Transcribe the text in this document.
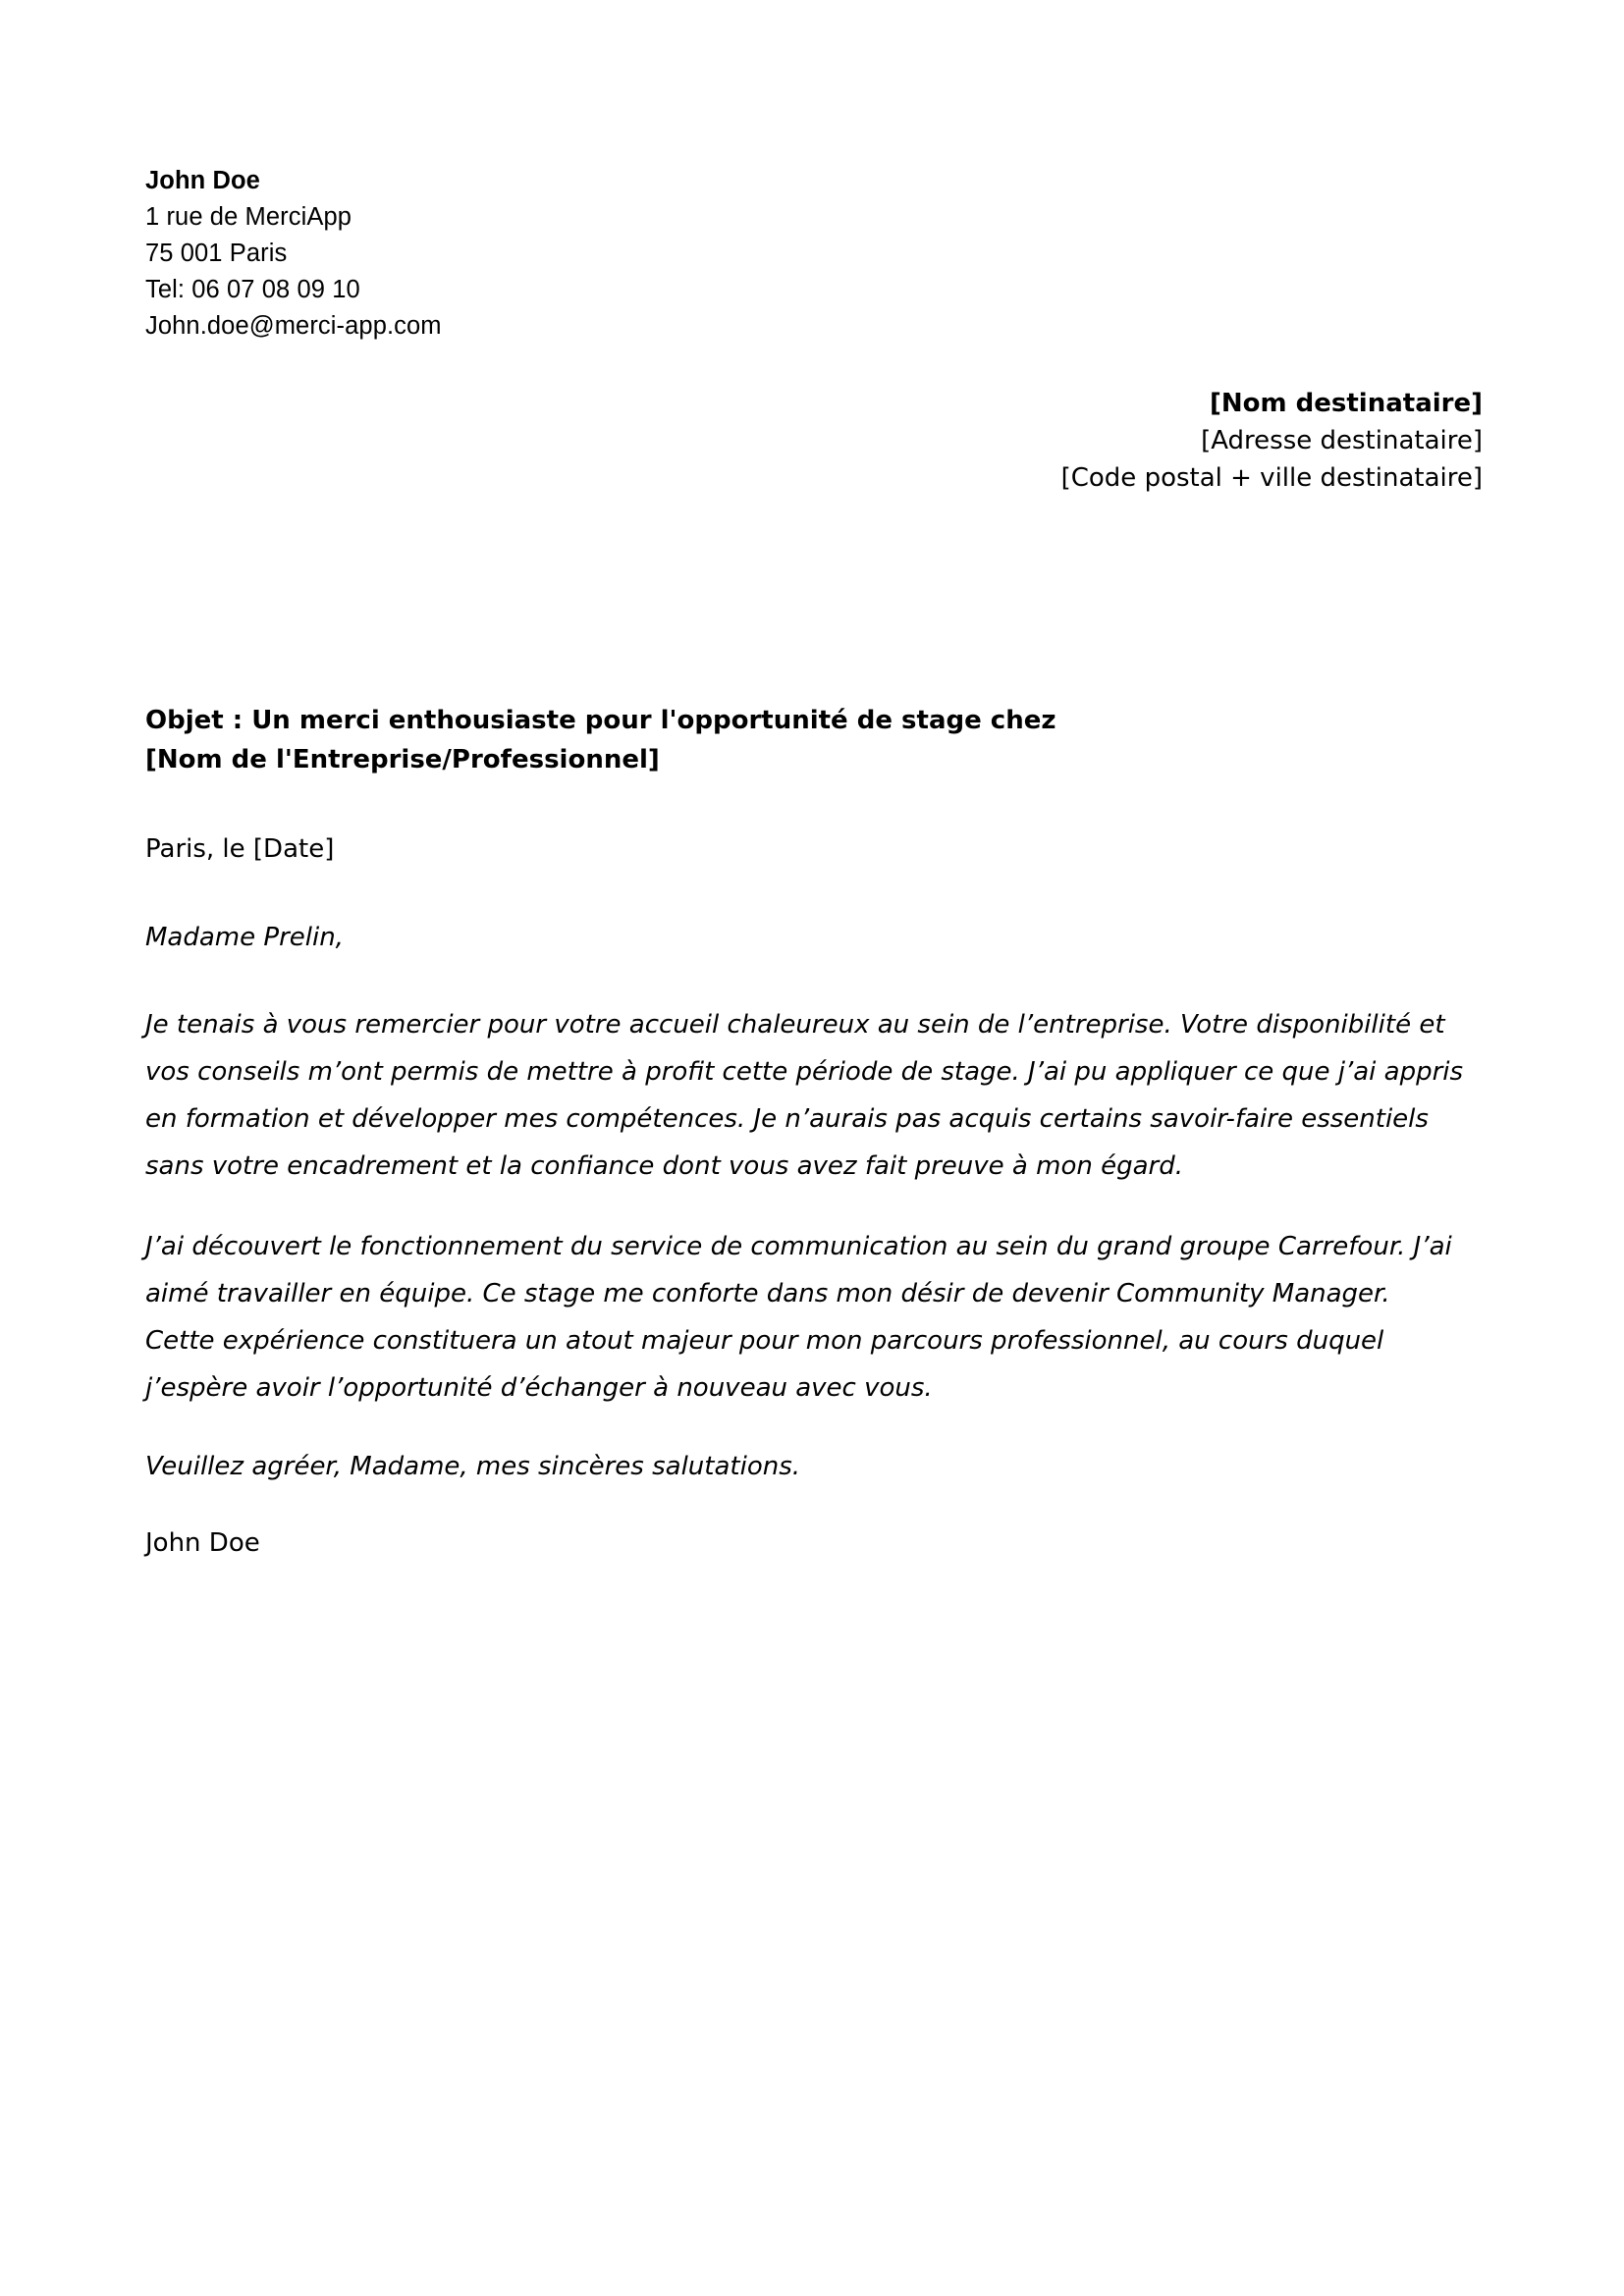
John Doe
1 rue de MerciApp
75 001 Paris
Tel: 06 07 08 09 10
John.doe@merci-app.com
[Nom destinataire]
[Adresse destinataire]
[Code postal + ville destinataire]

Objet : Un merci enthousiaste pour l'opportunité de stage chez [Nom de l'Entreprise/Professionnel]

Paris, le [Date]

Madame Prelin,

Je tenais à vous remercier pour votre accueil chaleureux au sein de l’entreprise. Votre disponibilité et vos conseils m’ont permis de mettre à profit cette période de stage. J’ai pu appliquer ce que j’ai appris en formation et développer mes compétences. Je n’aurais pas acquis certains savoir-faire essentiels sans votre encadrement et la confiance dont vous avez fait preuve à mon égard.

J’ai découvert le fonctionnement du service de communication au sein du grand groupe Carrefour. J’ai aimé travailler en équipe. Ce stage me conforte dans mon désir de devenir Community Manager. Cette expérience constituera un atout majeur pour mon parcours professionnel, au cours duquel j’espère avoir l’opportunité d’échanger à nouveau avec vous.

Veuillez agréer, Madame, mes sincères salutations.

John Doe
